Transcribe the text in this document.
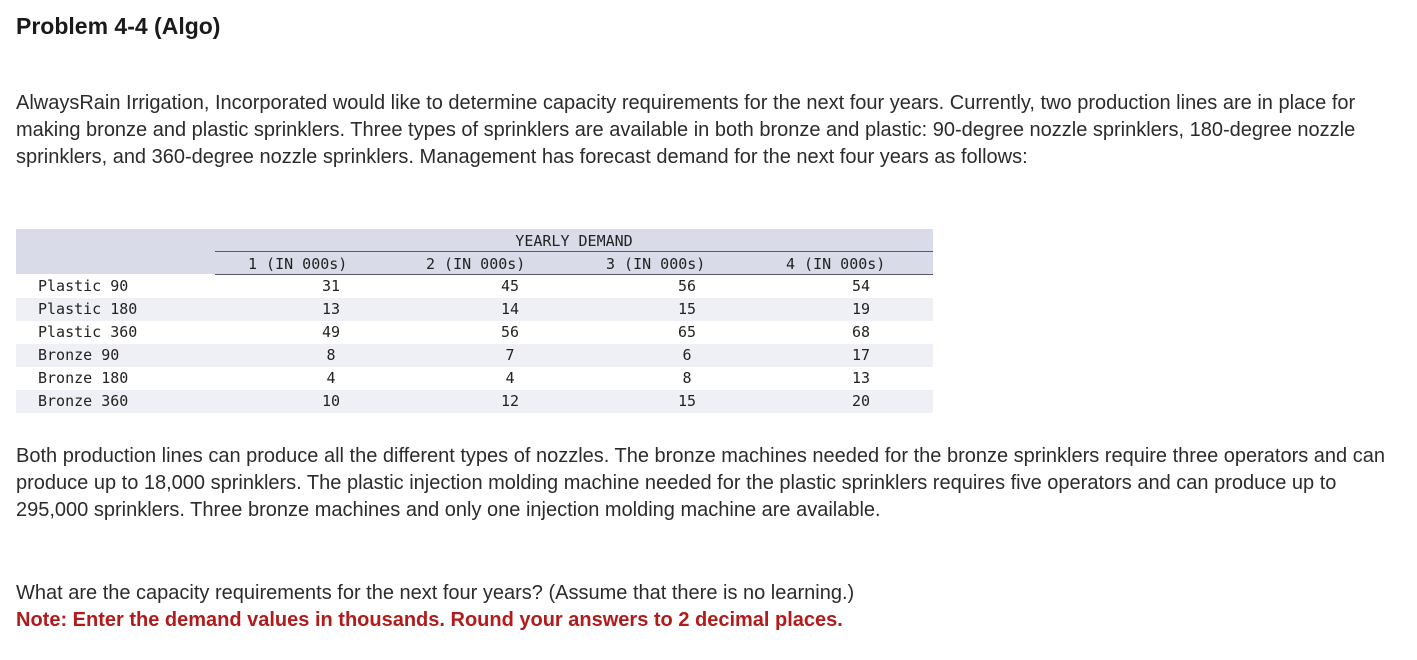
Problem 4-4 (Algo)

AlwaysRain Irrigation, Incorporated would like to determine capacity requirements for the next four years. Currently, two production lines are in place for making bronze and plastic sprinklers. Three types of sprinklers are available in both bronze and plastic: 90-degree nozzle sprinklers, 180-degree nozzle sprinklers, and 360-degree nozzle sprinklers. Management has forecast demand for the next four years as follows:

YEARLY DEMAND
1 (IN 000s)	2 (IN 000s)	3 (IN 000s)	4 (IN 000s)
Plastic 90	31	45	56	54
Plastic 180	13	14	15	19
Plastic 360	49	56	65	68
Bronze 90	8	7	6	17
Bronze 180	4	4	8	13
Bronze 360	10	12	15	20

Both production lines can produce all the different types of nozzles. The bronze machines needed for the bronze sprinklers require three operators and can produce up to 18,000 sprinklers. The plastic injection molding machine needed for the plastic sprinklers requires five operators and can produce up to 295,000 sprinklers. Three bronze machines and only one injection molding machine are available.

What are the capacity requirements for the next four years? (Assume that there is no learning.)
Note: Enter the demand values in thousands. Round your answers to 2 decimal places.
